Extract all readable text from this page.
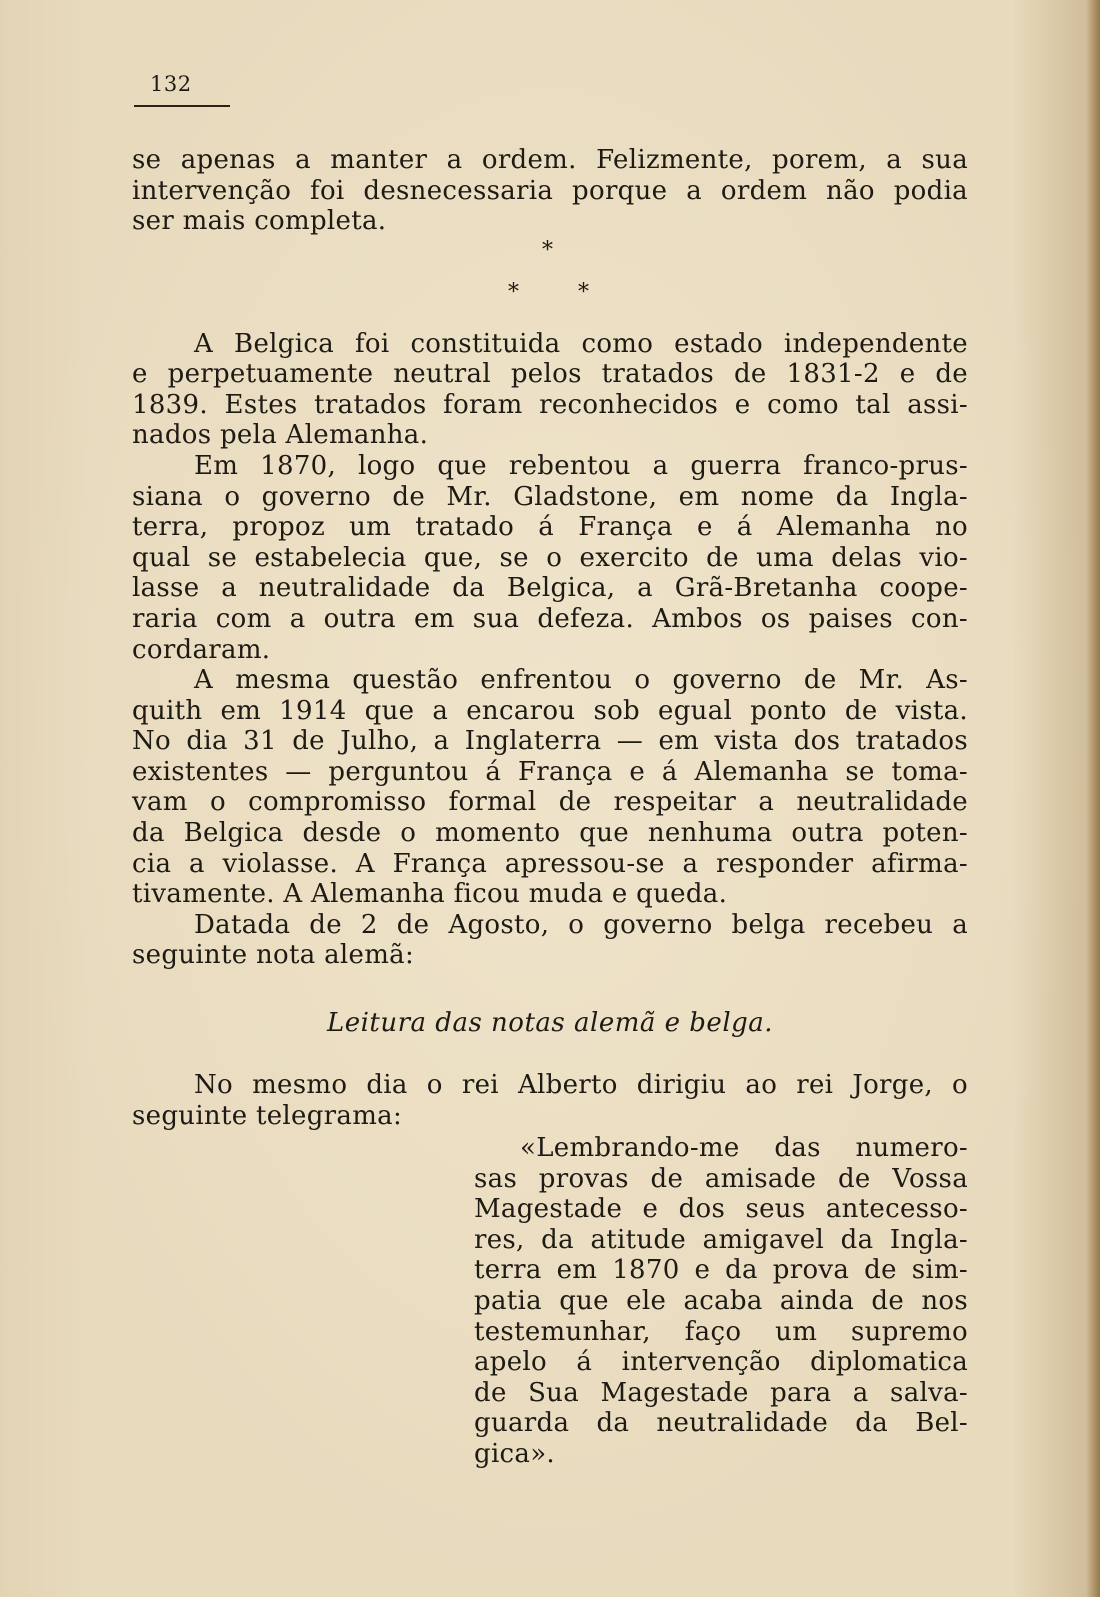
132

*
*	*
se apenas a manter a ordem. Felizmente, porem, a sua
intervenção foi desnecessaria porque a ordem não podia
ser mais completa.
A Belgica foi constituida como estado independente
e perpetuamente neutral pelos tratados de 1831-2 e de
1839. Estes tratados foram reconhecidos e como tal assi-
nados pela Alemanha.
Em 1870, logo que rebentou a guerra franco-prus-
siana o governo de Mr. Gladstone, em nome da Ingla-
terra, propoz um tratado á França e á Alemanha no
qual se estabelecia que, se o exercito de uma delas vio-
lasse a neutralidade da Belgica, a Grã-Bretanha coope-
raria com a outra em sua defeza. Ambos os paises con-
cordaram.
A mesma questão enfrentou o governo de Mr. As-
quith em 1914 que a encarou sob egual ponto de vista.
No dia 31 de Julho, a Inglaterra — em vista dos tratados
existentes — perguntou á França e á Alemanha se toma-
vam o compromisso formal de respeitar a neutralidade
da Belgica desde o momento que nenhuma outra poten-
cia a violasse. A França apressou-se a responder afirma-
tivamente. A Alemanha ficou muda e queda.
Datada de 2 de Agosto, o governo belga recebeu a
seguinte nota alemã:

Leitura das notas alemã e belga.

No mesmo dia o rei Alberto dirigiu ao rei Jorge, o
seguinte telegrama:
«Lembrando-me das numero-
sas provas de amisade de Vossa
Magestade e dos seus antecesso-
res, da atitude amigavel da Ingla-
terra em 1870 e da prova de sim-
patia que ele acaba ainda de nos
testemunhar, faço um supremo
apelo á intervenção diplomatica
de Sua Magestade para a salva-
guarda da neutralidade da Bel-
gica».
